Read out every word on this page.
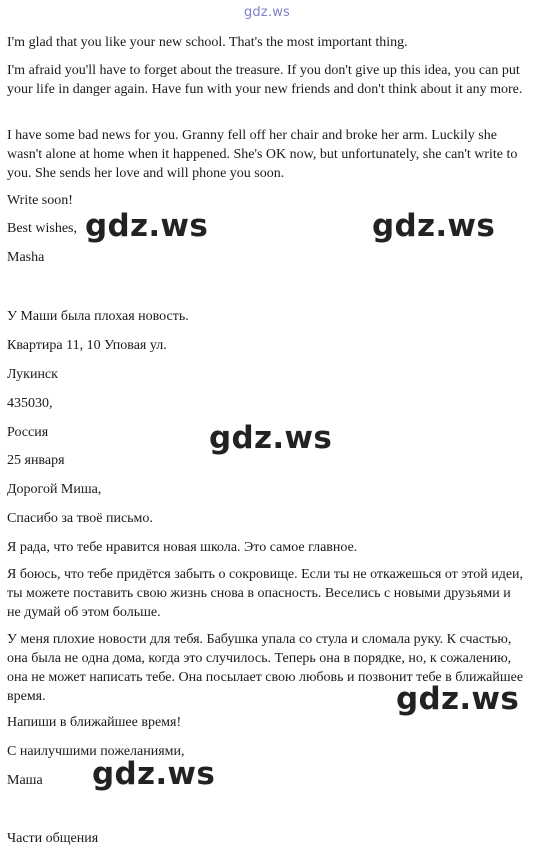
gdz.ws

I'm glad that you like your new school. That's the most important thing.

I'm afraid you'll have to forget about the treasure. If you don't give up this idea, you can put your life in danger again. Have fun with your new friends and don't think about it any more.

I have some bad news for you. Granny fell off her chair and broke her arm. Luckily she wasn't alone at home when it happened. She's OK now, but unfortunately, she can't write to you. She sends her love and will phone you soon.

Write soon!

Best wishes,

Masha

У Маши была плохая новость.

Квартира 11, 10 Уповая ул.

Лукинск

435030,

Россия

25 января

Дорогой Миша,

Спасибо за твоё письмо.

Я рада, что тебе нравится новая школа. Это самое главное.

Я боюсь, что тебе придётся забыть о сокровище. Если ты не откажешься от этой идеи, ты можете поставить свою жизнь снова в опасность. Веселись с новыми друзьями и не думай об этом больше.

У меня плохие новости для тебя. Бабушка упала со стула и сломала руку. К счастью, она была не одна дома, когда это случилось. Теперь она в порядке, но, к сожалению, она не может написать тебе. Она посылает свою любовь и позвонит тебе в ближайшее время.

Напиши в ближайшее время!

С наилучшими пожеланиями,

Маша

Части общения

gdz.ws	gdz.ws
gdz.ws
gdz.ws
gdz.ws
